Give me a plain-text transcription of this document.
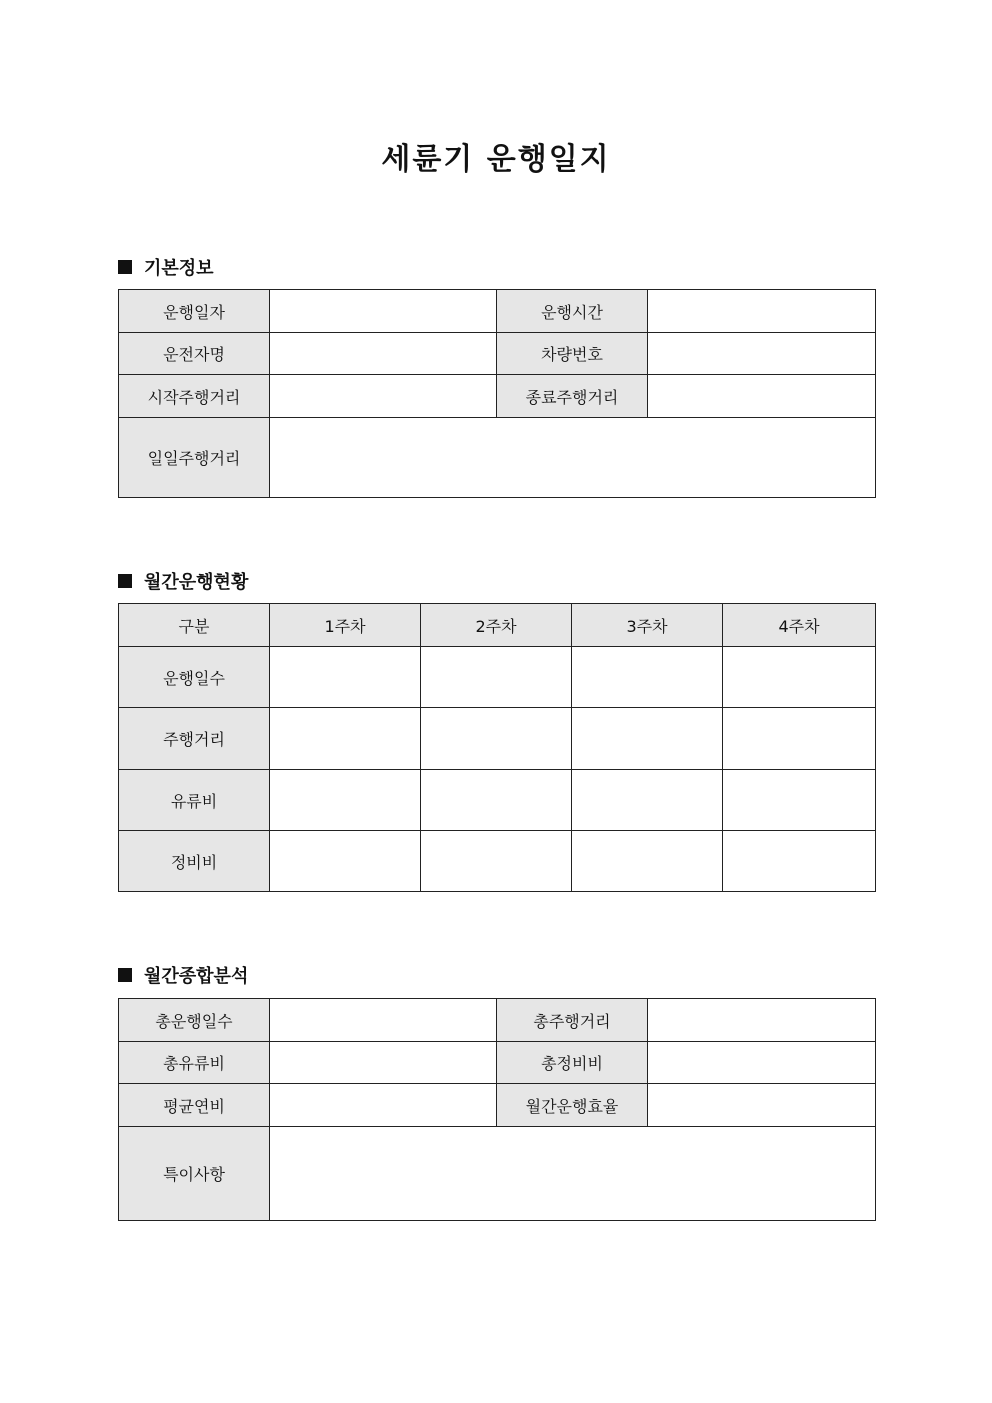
세륜기 운행일지
기본정보
운행일자		운행시간	
운전자명		차량번호	
시작주행거리		종료주행거리	
일일주행거리			
월간운행현황
구분	1주차	2주차	3주차	4주차
운행일수				
주행거리				
유류비				
정비비				
월간종합분석
총운행일수		총주행거리	
총유류비		총정비비	
평균연비		월간운행효율	
특이사항			
